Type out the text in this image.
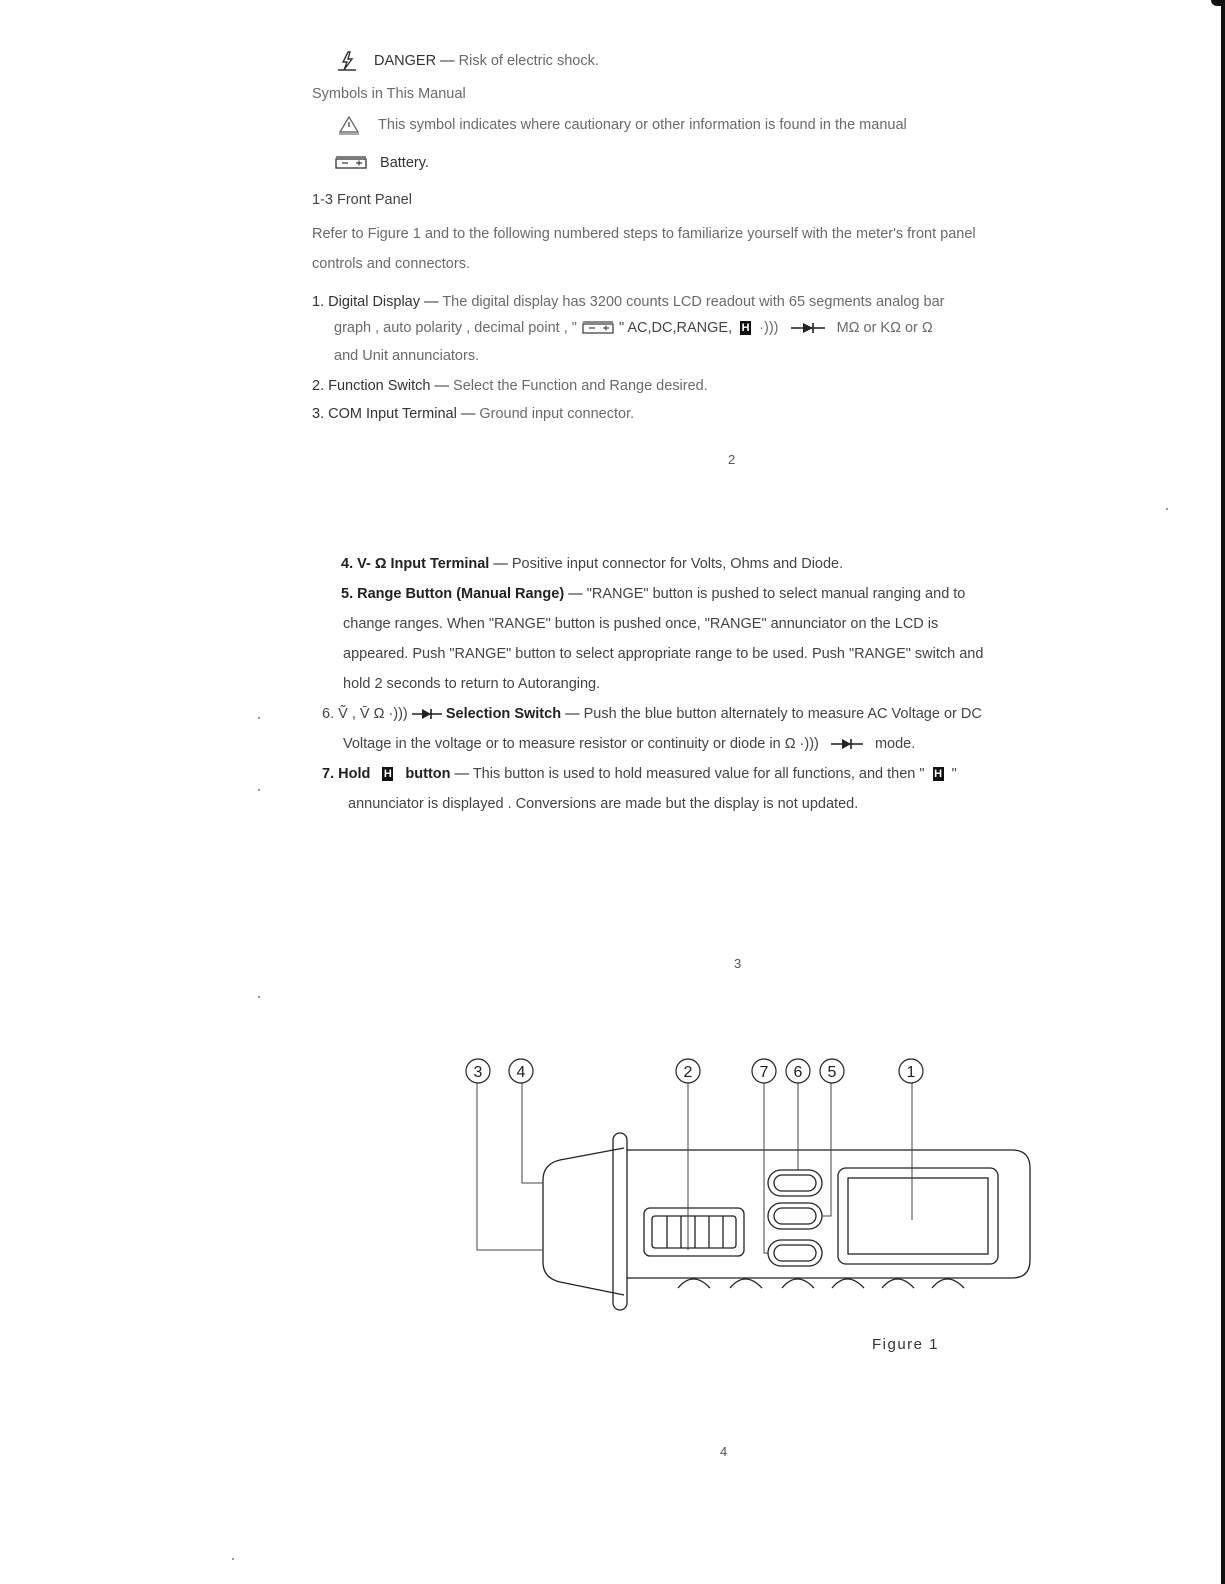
DANGER — Risk of electric shock.
Symbols in This Manual
This symbol indicates where cautionary or other information is found in the manual
Battery.
1-3 Front Panel
Refer to Figure 1 and to the following numbered steps to familiarize yourself with the meter's front panel
controls and connectors.
1. Digital Display — The digital display has 3200 counts LCD readout with 65 segments analog bar
graph , auto polarity , decimal point , "	" AC,DC,RANGE, H ·)))	MΩ or KΩ or Ω
and Unit annunciators.
2. Function Switch — Select the Function and Range desired.
3. COM Input Terminal — Ground input connector.
2
4. V- Ω Input Terminal — Positive input connector for Volts, Ohms and Diode.
5. Range Button (Manual Range) — "RANGE" button is pushed to select manual ranging and to
change ranges. When "RANGE" button is pushed once, "RANGE" annunciator on the LCD is
appeared. Push "RANGE" button to select appropriate range to be used. Push "RANGE" switch and
hold 2 seconds to return to Autoranging.
6. Ṽ , V̄ Ω ·)))	Selection Switch — Push the blue button alternately to measure AC Voltage or DC
Voltage in the voltage or to measure resistor or continuity or diode in Ω ·)))	mode.
7. Hold H button — This button is used to hold measured value for all functions, and then " H "
annunciator is displayed . Conversions are made but the display is not updated.
3
3 4	2	7 6 5	1
Figure 1
4
